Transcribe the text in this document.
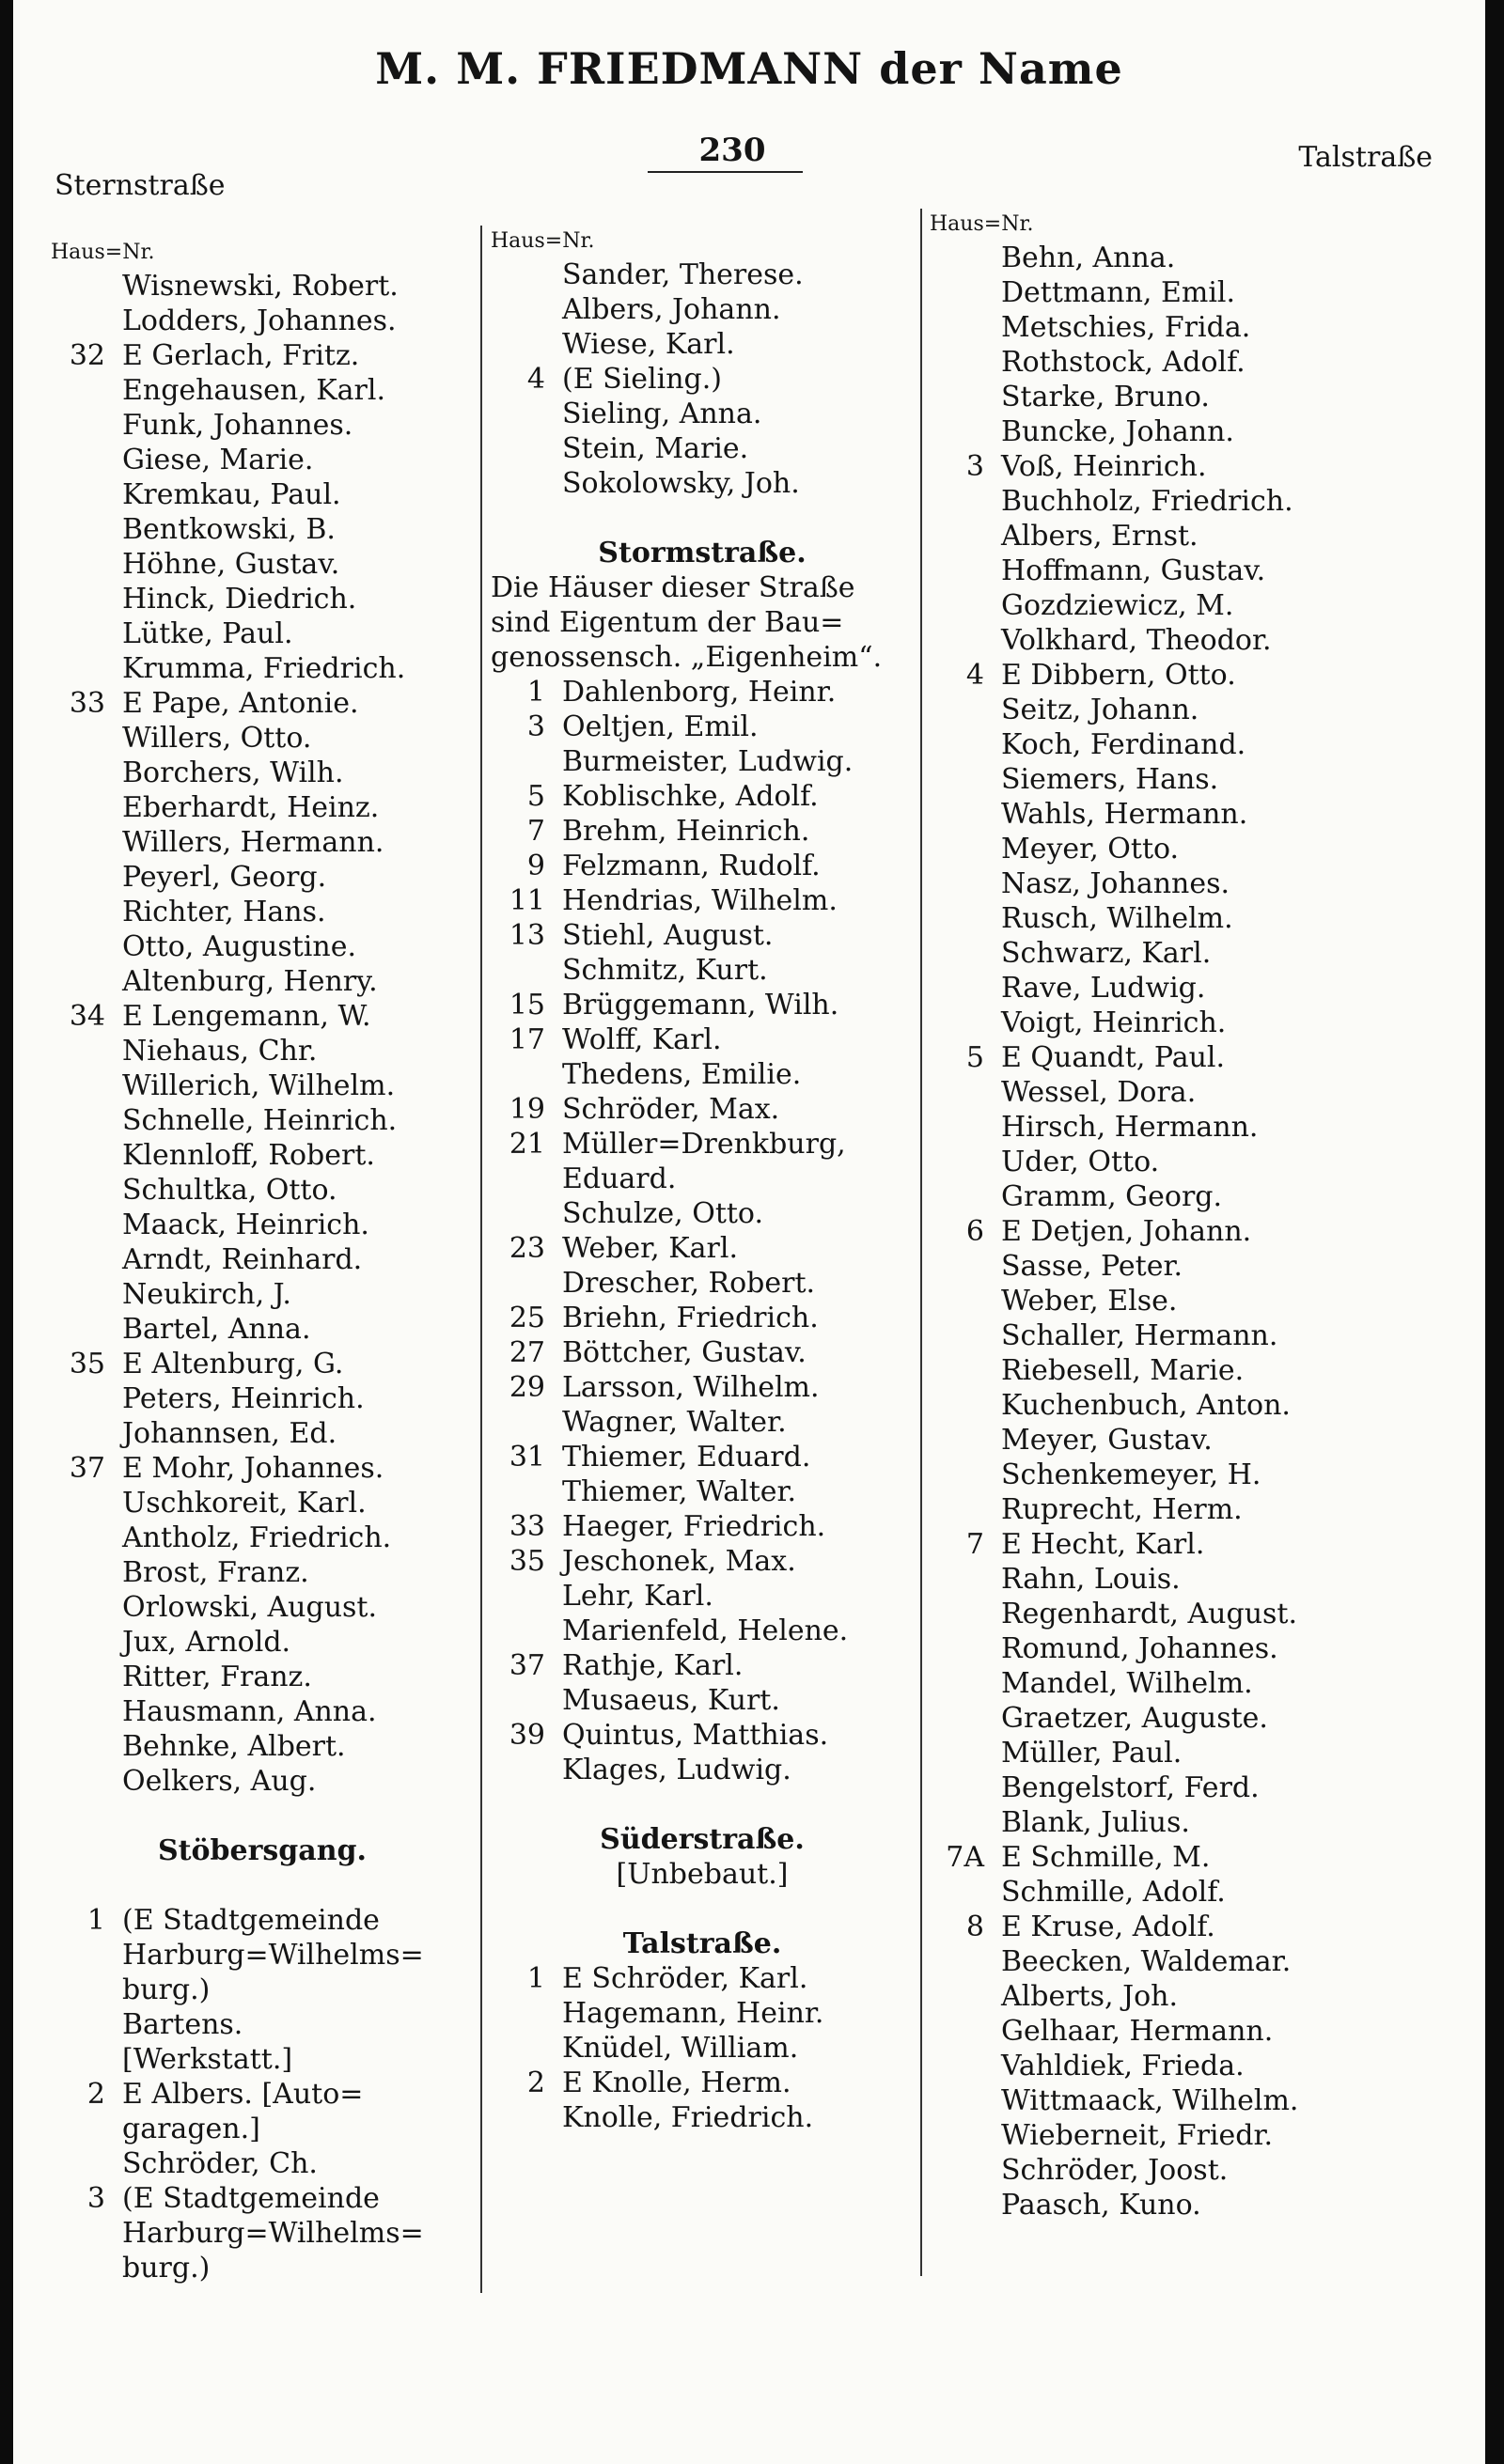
M. M. FRIEDMANN der Name
230
Sternstraße
Talstraße
Haus=Nr.
Wisnewski, Robert.
Lodders, Johannes.
32 E Gerlach, Fritz.
Engehausen, Karl.
Funk, Johannes.
Giese, Marie.
Kremkau, Paul.
Bentkowski, B.
Höhne, Gustav.
Hinck, Diedrich.
Lütke, Paul.
Krumma, Friedrich.
33 E Pape, Antonie.
Willers, Otto.
Borchers, Wilh.
Eberhardt, Heinz.
Willers, Hermann.
Peyerl, Georg.
Richter, Hans.
Otto, Augustine.
Altenburg, Henry.
34 E Lengemann, W.
Niehaus, Chr.
Willerich, Wilhelm.
Schnelle, Heinrich.
Klennloff, Robert.
Schultka, Otto.
Maack, Heinrich.
Arndt, Reinhard.
Neukirch, J.
Bartel, Anna.
35 E Altenburg, G.
Peters, Heinrich.
Johannsen, Ed.
37 E Mohr, Johannes.
Uschkoreit, Karl.
Antholz, Friedrich.
Brost, Franz.
Orlowski, August.
Jux, Arnold.
Ritter, Franz.
Hausmann, Anna.
Behnke, Albert.
Oelkers, Aug.
Stöbersgang.
1 (E Stadtgemeinde
Harburg=Wilhelms=
burg.)
Bartens.
[Werkstatt.]
2 E Albers. [Auto=
garagen.]
Schröder, Ch.
3 (E Stadtgemeinde
Harburg=Wilhelms=
burg.)
Haus=Nr.
Sander, Therese.
Albers, Johann.
Wiese, Karl.
4 (E Sieling.)
Sieling, Anna.
Stein, Marie.
Sokolowsky, Joh.
Stormstraße.
Die Häuser dieser Straße
sind Eigentum der Bau=
genossensch. „Eigenheim“.
1 Dahlenborg, Heinr.
3 Oeltjen, Emil.
Burmeister, Ludwig.
5 Koblischke, Adolf.
7 Brehm, Heinrich.
9 Felzmann, Rudolf.
11 Hendrias, Wilhelm.
13 Stiehl, August.
Schmitz, Kurt.
15 Brüggemann, Wilh.
17 Wolff, Karl.
Thedens, Emilie.
19 Schröder, Max.
21 Müller=Drenkburg,
Eduard.
Schulze, Otto.
23 Weber, Karl.
Drescher, Robert.
25 Briehn, Friedrich.
27 Böttcher, Gustav.
29 Larsson, Wilhelm.
Wagner, Walter.
31 Thiemer, Eduard.
Thiemer, Walter.
33 Haeger, Friedrich.
35 Jeschonek, Max.
Lehr, Karl.
Marienfeld, Helene.
37 Rathje, Karl.
Musaeus, Kurt.
39 Quintus, Matthias.
Klages, Ludwig.
Süderstraße.
[Unbebaut.]
Talstraße.
1 E Schröder, Karl.
Hagemann, Heinr.
Knüdel, William.
2 E Knolle, Herm.
Knolle, Friedrich.
Haus=Nr.
Behn, Anna.
Dettmann, Emil.
Metschies, Frida.
Rothstock, Adolf.
Starke, Bruno.
Buncke, Johann.
3 Voß, Heinrich.
Buchholz, Friedrich.
Albers, Ernst.
Hoffmann, Gustav.
Gozdziewicz, M.
Volkhard, Theodor.
4 E Dibbern, Otto.
Seitz, Johann.
Koch, Ferdinand.
Siemers, Hans.
Wahls, Hermann.
Meyer, Otto.
Nasz, Johannes.
Rusch, Wilhelm.
Schwarz, Karl.
Rave, Ludwig.
Voigt, Heinrich.
5 E Quandt, Paul.
Wessel, Dora.
Hirsch, Hermann.
Uder, Otto.
Gramm, Georg.
6 E Detjen, Johann.
Sasse, Peter.
Weber, Else.
Schaller, Hermann.
Riebesell, Marie.
Kuchenbuch, Anton.
Meyer, Gustav.
Schenkemeyer, H.
Ruprecht, Herm.
7 E Hecht, Karl.
Rahn, Louis.
Regenhardt, August.
Romund, Johannes.
Mandel, Wilhelm.
Graetzer, Auguste.
Müller, Paul.
Bengelstorf, Ferd.
Blank, Julius.
7A E Schmille, M.
Schmille, Adolf.
8 E Kruse, Adolf.
Beecken, Waldemar.
Alberts, Joh.
Gelhaar, Hermann.
Vahldiek, Frieda.
Wittmaack, Wilhelm.
Wieberneit, Friedr.
Schröder, Joost.
Paasch, Kuno.
